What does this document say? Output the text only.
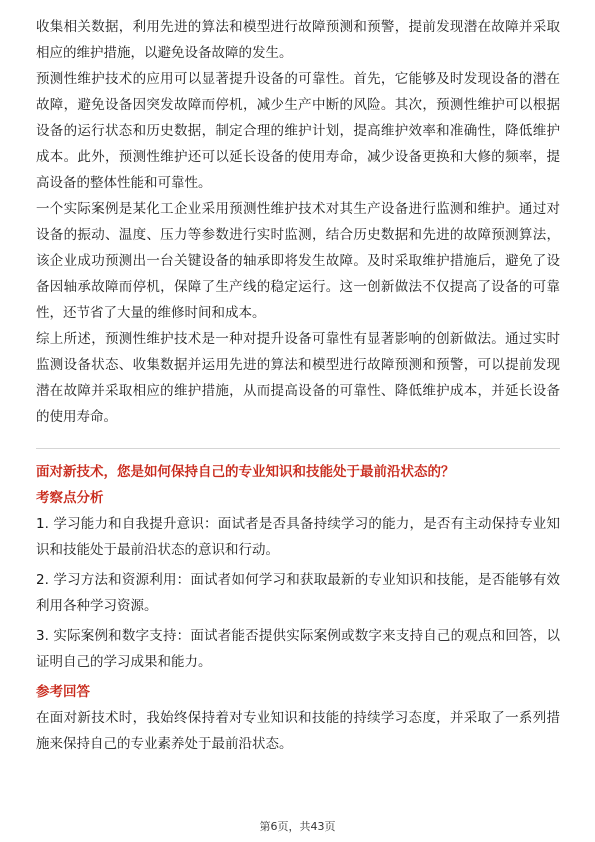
收集相关数据，利用先进的算法和模型进行故障预测和预警，提前发现潜在故障并采取相应的维护措施，以避免设备故障的发生。

预测性维护技术的应用可以显著提升设备的可靠性。首先，它能够及时发现设备的潜在故障，避免设备因突发故障而停机，减少生产中断的风险。其次，预测性维护可以根据设备的运行状态和历史数据，制定合理的维护计划，提高维护效率和准确性，降低维护成本。此外，预测性维护还可以延长设备的使用寿命，减少设备更换和大修的频率，提高设备的整体性能和可靠性。

一个实际案例是某化工企业采用预测性维护技术对其生产设备进行监测和维护。通过对设备的振动、温度、压力等参数进行实时监测，结合历史数据和先进的故障预测算法，该企业成功预测出一台关键设备的轴承即将发生故障。及时采取维护措施后，避免了设备因轴承故障而停机，保障了生产线的稳定运行。这一创新做法不仅提高了设备的可靠性，还节省了大量的维修时间和成本。

综上所述，预测性维护技术是一种对提升设备可靠性有显著影响的创新做法。通过实时监测设备状态、收集数据并运用先进的算法和模型进行故障预测和预警，可以提前发现潜在故障并采取相应的维护措施，从而提高设备的可靠性、降低维护成本，并延长设备的使用寿命。

面对新技术，您是如何保持自己的专业知识和技能处于最前沿状态的？

考察点分析

1. 学习能力和自我提升意识：面试者是否具备持续学习的能力，是否有主动保持专业知识和技能处于最前沿状态的意识和行动。

2. 学习方法和资源利用：面试者如何学习和获取最新的专业知识和技能，是否能够有效利用各种学习资源。

3. 实际案例和数字支持：面试者能否提供实际案例或数字来支持自己的观点和回答，以证明自己的学习成果和能力。

参考回答

在面对新技术时，我始终保持着对专业知识和技能的持续学习态度，并采取了一系列措施来保持自己的专业素养处于最前沿状态。

第6页，共43页
